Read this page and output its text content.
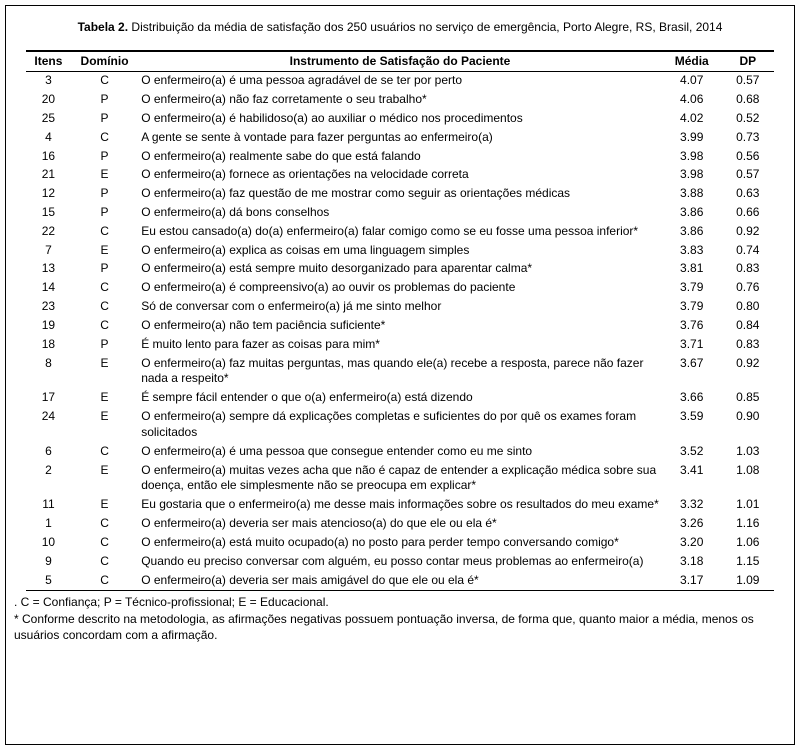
Tabela 2. Distribuição da média de satisfação dos 250 usuários no serviço de emergência, Porto Alegre, RS, Brasil, 2014

Itens	Domínio	Instrumento de Satisfação do Paciente	Média	DP
3	C	O enfermeiro(a) é uma pessoa agradável de se ter por perto	4.07	0.57
20	P	O enfermeiro(a) não faz corretamente o seu trabalho*	4.06	0.68
25	P	O enfermeiro(a) é habilidoso(a) ao auxiliar o médico nos procedimentos	4.02	0.52
4	C	A gente se sente à vontade para fazer perguntas ao enfermeiro(a)	3.99	0.73
16	P	O enfermeiro(a) realmente sabe do que está falando	3.98	0.56
21	E	O enfermeiro(a) fornece as orientações na velocidade correta	3.98	0.57
12	P	O enfermeiro(a) faz questão de me mostrar como seguir as orientações médicas	3.88	0.63
15	P	O enfermeiro(a) dá bons conselhos	3.86	0.66
22	C	Eu estou cansado(a) do(a) enfermeiro(a) falar comigo como se eu fosse uma pessoa inferior*	3.86	0.92
7	E	O enfermeiro(a) explica as coisas em uma linguagem simples	3.83	0.74
13	P	O enfermeiro(a) está sempre muito desorganizado para aparentar calma*	3.81	0.83
14	C	O enfermeiro(a) é compreensivo(a) ao ouvir os problemas do paciente	3.79	0.76
23	C	Só de conversar com o enfermeiro(a) já me sinto melhor	3.79	0.80
19	C	O enfermeiro(a) não tem paciência suficiente*	3.76	0.84
18	P	É muito lento para fazer as coisas para mim*	3.71	0.83
8	E	O enfermeiro(a) faz muitas perguntas, mas quando ele(a) recebe a resposta, parece não fazer nada a respeito*	3.67	0.92
17	E	É sempre fácil entender o que o(a) enfermeiro(a) está dizendo	3.66	0.85
24	E	O enfermeiro(a) sempre dá explicações completas e suficientes do por quê os exames foram solicitados	3.59	0.90
6	C	O enfermeiro(a) é uma pessoa que consegue entender como eu me sinto	3.52	1.03
2	E	O enfermeiro(a) muitas vezes acha que não é capaz de entender a explicação médica sobre sua doença, então ele simplesmente não se preocupa em explicar*	3.41	1.08
11	E	Eu gostaria que o enfermeiro(a) me desse mais informações sobre os resultados do meu exame*	3.32	1.01
1	C	O enfermeiro(a) deveria ser mais atencioso(a) do que ele ou ela é*	3.26	1.16
10	C	O enfermeiro(a) está muito ocupado(a) no posto para perder tempo conversando comigo*	3.20	1.06
9	C	Quando eu preciso conversar com alguém, eu posso contar meus problemas ao enfermeiro(a)	3.18	1.15
5	C	O enfermeiro(a) deveria ser mais amigável do que ele ou ela é*	3.17	1.09

. C = Confiança; P = Técnico-profissional; E = Educacional.

* Conforme descrito na metodologia, as afirmações negativas possuem pontuação inversa, de forma que, quanto maior a média, menos os usuários concordam com a afirmação.
